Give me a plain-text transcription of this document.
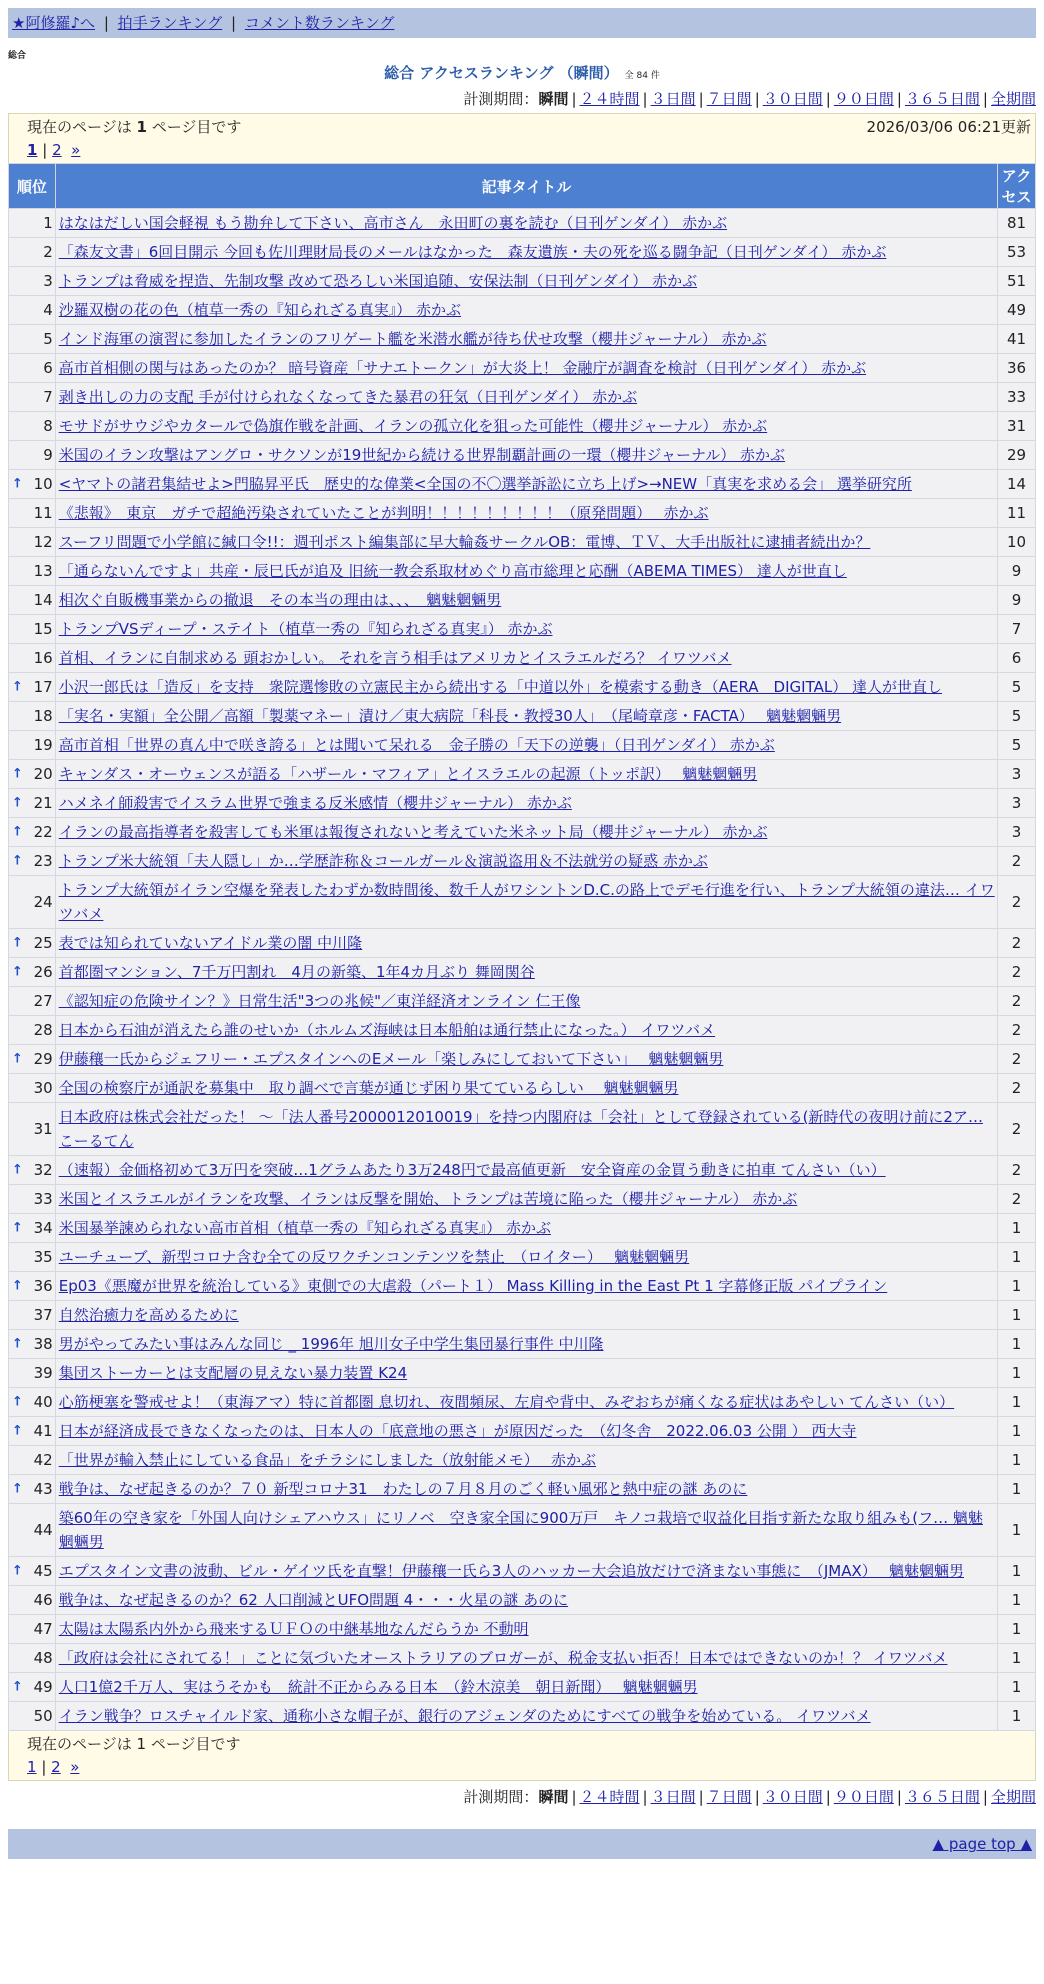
★阿修羅♪へ | 拍手ランキング | コメント数ランキング
総合
総合 アクセスランキング （瞬間） 全 84 件
計測期間：瞬間 | ２４時間 | ３日間 | ７日間 | ３０日間 | ９０日間 | ３６５日間 | 全期間
現在のページは 1 ページ目です	2026/03/06 06:21更新
1 | 2 »
順位	記事タイトル	アクセス
1	はなはだしい国会軽視 もう勘弁して下さい、高市さん　永田町の裏を読む（日刊ゲンダイ） 赤かぶ	81
2	「森友文書」6回目開示 今回も佐川理財局長のメールはなかった　森友遺族・夫の死を巡る闘争記（日刊ゲンダイ） 赤かぶ	53
3	トランプは脅威を捏造、先制攻撃 改めて恐ろしい米国追随、安保法制（日刊ゲンダイ） 赤かぶ	51
4	沙羅双樹の花の色（植草一秀の『知られざる真実』） 赤かぶ	49
5	インド海軍の演習に参加したイランのフリゲート艦を米潜水艦が待ち伏せ攻撃（櫻井ジャーナル） 赤かぶ	41
6	高市首相側の関与はあったのか？ 暗号資産「サナエトークン」が大炎上！ 金融庁が調査を検討（日刊ゲンダイ） 赤かぶ	36
7	剥き出しの力の支配 手が付けられなくなってきた暴君の狂気（日刊ゲンダイ） 赤かぶ	33
8	モサドがサウジやカタールで偽旗作戦を計画、イランの孤立化を狙った可能性（櫻井ジャーナル） 赤かぶ	31
9	米国のイラン攻撃はアングロ・サクソンが19世紀から続ける世界制覇計画の一環（櫻井ジャーナル） 赤かぶ	29

↑ 10	<ヤマトの諸君集結せよ>門脇昇平氏　歴史的な偉業<全国の不〇選挙訴訟に立ち上げ>→NEW「真実を求める会」 選挙研究所	14
11	《悲報》　東京　ガチで超絶汚染されていたことが判明！！！！！！！！！（原発問題）　 赤かぶ	11
12	スーフリ問題で小学館に緘口令!!：週刊ポスト編集部に早大輪姦サークルOB：電博、ＴＶ、大手出版社に逮捕者続出か？	10
13	「通らないんですよ」共産・辰巳氏が追及 旧統一教会系取材めぐり高市総理と応酬（ABEMA TIMES） 達人が世直し	9
14	相次ぐ自販機事業からの撤退　その本当の理由は、、、　魑魅魍魎男	9
15	トランプVSディープ・ステイト（植草一秀の『知られざる真実』） 赤かぶ	7
16	首相、イランに自制求める 頭おかしい。 それを言う相手はアメリカとイスラエルだろ？ イワツバメ	6

↑ 17	小沢一郎氏は「造反」を支持　衆院選惨敗の立憲民主から続出する「中道以外」を模索する動き（AERA　DIGITAL） 達人が世直し	5
18	「実名・実額」全公開／高額「製薬マネー」漬け／東大病院「科長・教授30人」　（尾崎章彦・FACTA）　 魑魅魍魎男	5
19	高市首相「世界の真ん中で咲き誇る」とは聞いて呆れる　金子勝の「天下の逆襲」（日刊ゲンダイ） 赤かぶ	5

↑ 20	キャンダス・オーウェンスが語る「ハザール・マフィア」とイスラエルの起源（トッポ訳）　 魑魅魍魎男	3

↑ 21	ハメネイ師殺害でイスラム世界で強まる反米感情（櫻井ジャーナル） 赤かぶ	3

↑ 22	イランの最高指導者を殺害しても米軍は報復されないと考えていた米ネット局（櫻井ジャーナル） 赤かぶ	3

↑ 23	トランプ米大統領「夫人隠し」か…学歴詐称＆コールガール＆演説盗用＆不法就労の疑惑 赤かぶ	2
24	トランプ大統領がイラン空爆を発表したわずか数時間後、数千人がワシントンD.C.の路上でデモ行進を行い、トランプ大統領の違法… イワツバメ	2

↑ 25	表では知られていないアイドル業の闇 中川隆	2

↑ 26	首都圏マンション、7千万円割れ　4月の新築、1年4カ月ぶり 舞岡関谷	2
27	《認知症の危険サイン？》日常生活"3つの兆候"／東洋経済オンライン 仁王像	2
28	日本から石油が消えたら誰のせいか（ホルムズ海峡は日本船舶は通行禁止になった。） イワツバメ	2

↑ 29	伊藤穰一氏からジェフリー・エプスタインへのEメール「楽しみにしておいて下さい」　 魑魅魍魎男	2
30	全国の検察庁が通訳を募集中　取り調べで言葉が通じず困り果てているらしい　 魑魅魍魎男	2
31	日本政府は株式会社だった！ 〜「法人番号2000012010019」を持つ内閣府は「会社」として登録されている(新時代の夜明け前に2ア… こーるてん	2

↑ 32	（速報）金価格初めて3万円を突破…1グラムあたり3万248円で最高値更新　安全資産の金買う動きに拍車 てんさい（い）	2
33	米国とイスラエルがイランを攻撃、イランは反撃を開始、トランプは苦境に陥った（櫻井ジャーナル） 赤かぶ	2

↑ 34	米国暴挙諫められない高市首相（植草一秀の『知られざる真実』） 赤かぶ	1
35	ユーチューブ、新型コロナ含む全ての反ワクチンコンテンツを禁止　（ロイター）　 魑魅魍魎男	1

↑ 36	Ep03《悪魔が世界を統治している》東側での大虐殺（パート１） Mass Killing in the East Pt 1 字幕修正版 パイプライン	1
37	自然治癒力を高めるために	1

↑ 38	男がやってみたい事はみんな同じ _ 1996年 旭川女子中学生集団暴行事件 中川隆	1
39	集団ストーカーとは支配層の見えない暴力装置 K24	1

↑ 40	心筋梗塞を警戒せよ！（東海アマ）特に首都圏 息切れ、夜間頻尿、左肩や背中、みぞおちが痛くなる症状はあやしい てんさい（い）	1

↑ 41	日本が経済成長できなくなったのは、日本人の「底意地の悪さ」が原因だった　（幻冬舎　2022.06.03 公開 ） 西大寺	1
42	「世界が輸入禁止にしている食品」をチラシにしました（放射能メモ）　 赤かぶ	1

↑ 43	戦争は、なぜ起きるのか？７０ 新型コロナ31　わたしの７月８月のごく軽い風邪と熱中症の謎 あのに	1
44	築60年の空き家を「外国人向けシェアハウス」にリノベ　空き家全国に900万戸　キノコ栽培で収益化目指す新たな取り組みも(フ… 魑魅魍魎男	1

↑ 45	エプスタイン文書の波動、ビル・ゲイツ氏を直撃！伊藤穰一氏ら3人のハッカー大会追放だけで済まない事態に　（JMAX）　 魑魅魍魎男	1
46	戦争は、なぜ起きるのか？62 人口削減とUFO問題 4・・・火星の謎 あのに	1
47	太陽は太陽系内外から飛来するＵＦＯの中継基地なんだらうか 不動明	1
48	「政府は会社にされてる！」ことに気づいたオーストラリアのブロガーが、税金支払い拒否！日本ではできないのか！？ イワツバメ	1

↑ 49	人口1億2千万人、実はうそかも　統計不正からみる日本　（鈴木涼美　朝日新聞）　 魑魅魍魎男	1
50	イラン戦争？ロスチャイルド家、通称小さな帽子が、銀行のアジェンダのためにすべての戦争を始めている。 イワツバメ	1
現在のページは 1 ページ目です
1 | 2 »
計測期間：瞬間 | ２４時間 | ３日間 | ７日間 | ３０日間 | ９０日間 | ３６５日間 | 全期間
▲ page top ▲
